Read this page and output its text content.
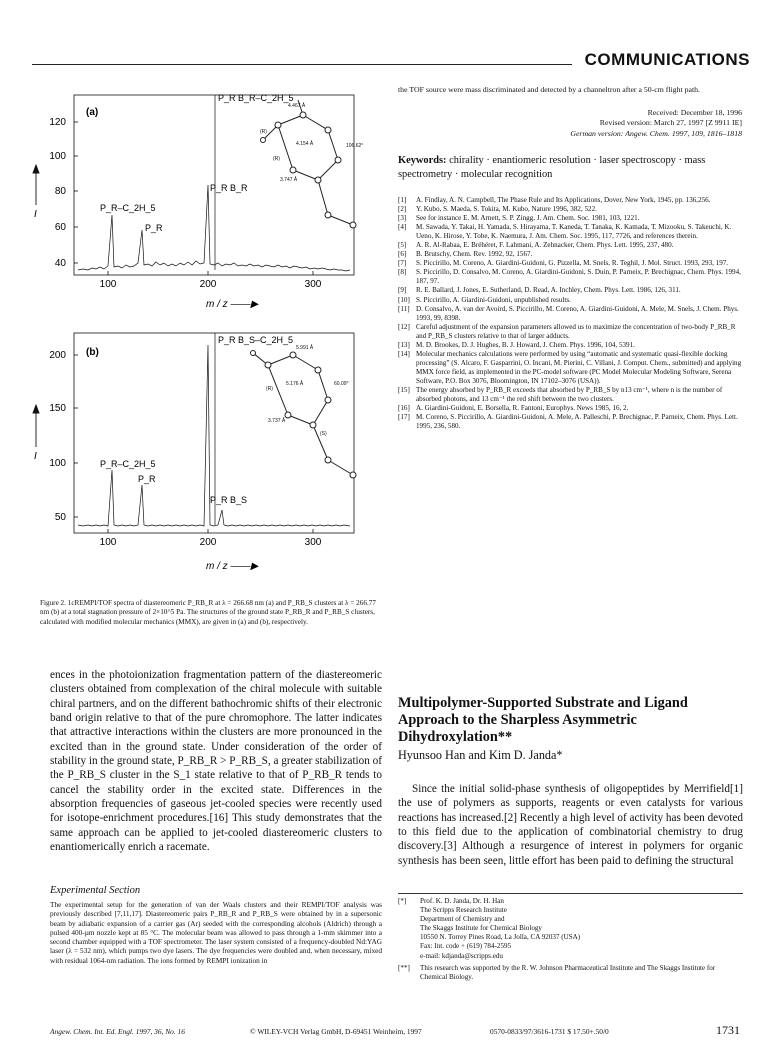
COMMUNICATIONS
(a)
120
100
80
60
40
100	200	300
m / z ——▶
P_R–C_2H_5
P_R
P_R B_R
P_R B_R–C_2H_5
4.467 Å
4.154 Å
3.747 Å
106.62°
(R)
(R)
(b)
200
150
100
50
100	200	300
m / z ——▶
P_R–C_2H_5
P_R
P_R B_S
P_R B_S–C_2H_5
5.991 Å
5.176 Å
3.737 Å
60.09°
(R)
(S)
I
I
Figure 2. 1cREMPI/TOF spectra of diastereomeric P_RB_R at λ = 266.68 nm (a) and P_RB_S clusters at λ = 266.77 nm (b) at a total stagnation pressure of 2×10^5 Pa. The structures of the ground state P_RB_R and P_RB_S clusters, calculated with modified molecular mechanics (MMX), are given in (a) and (b), respectively.
the TOF source were mass discriminated and detected by a channeltron after a 50-cm flight path.
Received: December 18, 1996
Revised version: March 27, 1997 [Z 9911 IE]
German version: Angew. Chem. 1997, 109, 1816–1818
Keywords: chirality · enantiomeric resolution · laser spectroscopy · mass spectrometry · molecular recognition
[1]	A. Findlay, A. N. Campbell, The Phase Rule and Its Applications, Dover, New York, 1945, pp. 136,256.
[2]	Y. Kubo, S. Maeda, S. Tokita, M. Kubo, Nature 1996, 382, 522.
[3]	See for instance E. M. Arnett, S. P. Zingg, J. Am. Chem. Soc. 1981, 103, 1221.
[4]	M. Sawada, Y. Takai, H. Yamada, S. Hirayama, T. Kaneda, T. Tanaka, K. Kamada, T. Mizooku, S. Takeuchi, K. Ueno, K. Hirose, Y. Tobe, K. Naemura, J. Am. Chem. Soc. 1995, 117, 7726, and references therein.
[5]	A. R. Al-Rabaa, E. Bréhéret, F. Lahmani, A. Zehnacker, Chem. Phys. Lett. 1995, 237, 480.
[6]	B. Brutschy, Chem. Rev. 1992, 92, 1567.
[7]	S. Piccirillo, M. Coreno, A. Giardini-Guidoni, G. Pizzella, M. Snels, R. Teghil, J. Mol. Struct. 1993, 293, 197.
[8]	S. Piccirillo, D. Consalvo, M. Coreno, A. Giardini-Guidoni, S. Duin, P. Parneix, P. Brechignac, Chem. Phys. 1994, 187, 97.
[9]	R. E. Ballard, J. Jones, E. Sutherland, D. Read, A. Inchley, Chem. Phys. Lett. 1986, 126, 311.
[10] S. Piccirillo, A. Giardini-Guidoni, unpublished results.
[11] D. Consalvo, A. van der Avoird, S. Piccirillo, M. Coreno, A. Giardini-Guidoni, A. Mele, M. Snels, J. Chem. Phys. 1993, 99, 8398.
[12] Careful adjustment of the expansion parameters allowed us to maximize the concentration of two-body P_RB_R and P_RB_S clusters relative to that of larger adducts.
[13] M. D. Brookes, D. J. Hughes, B. J. Howard, J. Chem. Phys. 1996, 104, 5391.
[14] Molecular mechanics calculations were performed by using “automatic and systematic quasi-flexible docking processing” (S. Alcaro, F. Gasparrini, O. Incani, M. Pierini, C. Villani, J. Comput. Chem., submitted) and applying MMX force field, as implemented in the PC-model software (PC Model Molecular Modeling Software, Serena Software, P.O. Box 3076, Bloomington, IN 17102–3076 (USA)).
[15] The energy absorbed by P_RB_R exceeds that absorbed by P_RB_S by n13 cm⁻¹, where n is the number of absorbed photons, and 13 cm⁻¹ the red shift between the two clusters.
[16] A. Giardini-Guidoni, E. Borsella, R. Fantoni, Europhys. News 1985, 16, 2.
[17] M. Coreno, S. Piccirillo, A. Giardini-Guidoni, A. Mele, A. Palleschi, P. Brechignac, P. Parneix, Chem. Phys. Lett. 1995, 236, 580.
ences in the photoionization fragmentation pattern of the diastereomeric clusters obtained from complexation of the chiral molecule with suitable chiral partners, and on the different bathochromic shifts of their electronic band origin relative to that of the pure chromophore. The latter indicates that attractive interactions within the clusters are more pronounced in the excited than in the ground state. Under consideration of the order of stability in the ground state, P_RB_R > P_RB_S, a greater stabilization of the P_RB_S cluster in the S_1 state relative to that of P_RB_R tends to cancel the stability order in the excited state. Differences in the absorption frequencies of gaseous jet-cooled species were recently used for isotope-enrichment procedures.[16] This study demonstrates that the same approach can be applied to jet-cooled diastereomeric clusters to enantiomerically enrich a racemate.
Experimental Section
The experimental setup for the generation of van der Waals clusters and their REMPI/TOF analysis was previously described [7,11,17]. Diastereomeric pairs P_RB_R and P_RB_S were obtained by in a supersonic beam by adiabatic expansion of a carrier gas (Ar) seeded with the corresponding alcohols (Aldrich) through a pulsed 400-µm nozzle kept at 85 °C. The molecular beam was allowed to pass through a 1-mm skimmer into a second chamber equipped with a TOF spectrometer. The laser system consisted of a frequency-doubled Nd:YAG laser (λ = 532 nm), which pumps two dye lasers. The dye frequencies were doubled and, when necessary, mixed with residual 1064-nm radiation. The ions formed by REMPI ionization in
Multipolymer-Supported Substrate and Ligand Approach to the Sharpless Asymmetric Dihydroxylation**
Hyunsoo Han and Kim D. Janda*
Since the initial solid-phase synthesis of oligopeptides by Merrifield[1] the use of polymers as supports, reagents or even catalysts for various reactions has increased.[2] Recently a high level of activity has been devoted to this field due to the application of combinatorial chemistry to drug discovery.[3] Although a resurgence of interest in polymers for organic synthesis has been seen, little effort has been paid to defining the structural
[*]	Prof. K. D. Janda, Dr. H. Han
The Scripps Research Institute
Department of Chemistry and
The Skaggs Institute for Chemical Biology
10550 N. Torrey Pines Road, La Jolla, CA 92037 (USA)
Fax: Int. code + (619) 784-2595
e-mail: kdjanda@scripps.edu
[**]	This research was supported by the R. W. Johnson Pharmaceutical Institute and The Skaggs Institute for Chemical Biology.
Angew. Chem. Int. Ed. Engl. 1997, 36, No. 16	© WILEY-VCH Verlag GmbH, D-69451 Weinheim, 1997	0570-0833/97/3616-1731 $ 17.50+.50/0	1731
